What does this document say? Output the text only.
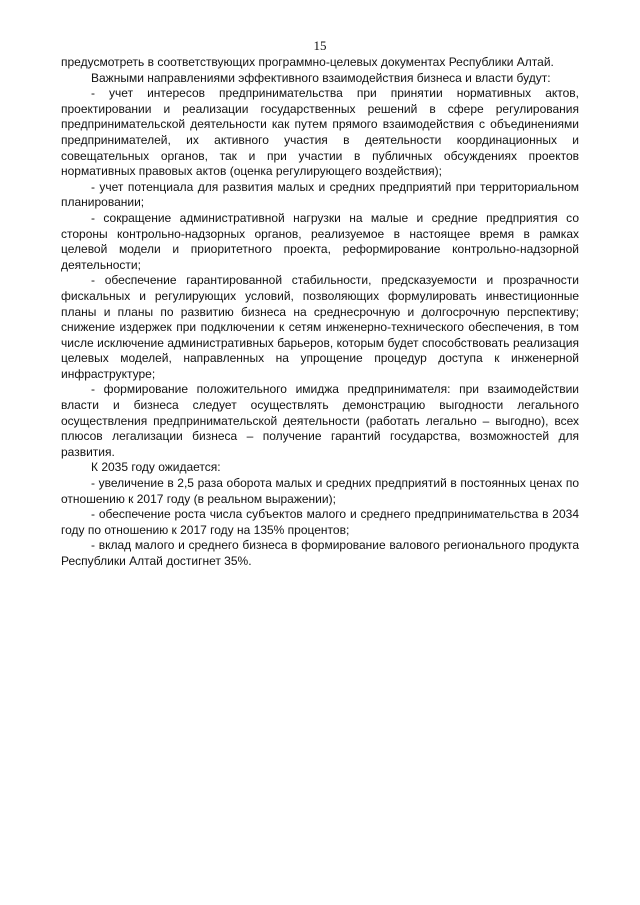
15

предусмотреть в соответствующих программно-целевых документах Республики Алтай.

Важными направлениями эффективного взаимодействия бизнеса и власти будут:

- учет интересов предпринимательства при принятии нормативных актов, проектировании и реализации государственных решений в сфере регулирования предпринимательской деятельности как путем прямого взаимодействия с объединениями предпринимателей, их активного участия в деятельности координационных и совещательных органов, так и при участии в публичных обсуждениях проектов нормативных правовых актов (оценка регулирующего воздействия);

- учет потенциала для развития малых и средних предприятий при территориальном планировании;

- сокращение административной нагрузки на малые и средние предприятия со стороны контрольно-надзорных органов, реализуемое в настоящее время в рамках целевой модели и приоритетного проекта, реформирование контрольно-надзорной деятельности;

- обеспечение гарантированной стабильности, предсказуемости и прозрачности фискальных и регулирующих условий, позволяющих формулировать инвестиционные планы и планы по развитию бизнеса на среднесрочную и долгосрочную перспективу; снижение издержек при подключении к сетям инженерно-технического обеспечения, в том числе исключение административных барьеров, которым будет способствовать реализация целевых моделей, направленных на упрощение процедур доступа к инженерной инфраструктуре;

- формирование положительного имиджа предпринимателя: при взаимодействии власти и бизнеса следует осуществлять демонстрацию выгодности легального осуществления предпринимательской деятельности (работать легально – выгодно), всех плюсов легализации бизнеса – получение гарантий государства, возможностей для развития.

К 2035 году ожидается:

- увеличение в 2,5 раза оборота малых и средних предприятий в постоянных ценах по отношению к 2017 году (в реальном выражении);

- обеспечение роста числа субъектов малого и среднего предпринимательства в 2034 году по отношению к 2017 году на 135% процентов;

- вклад малого и среднего бизнеса в формирование валового регионального продукта Республики Алтай достигнет 35%.
